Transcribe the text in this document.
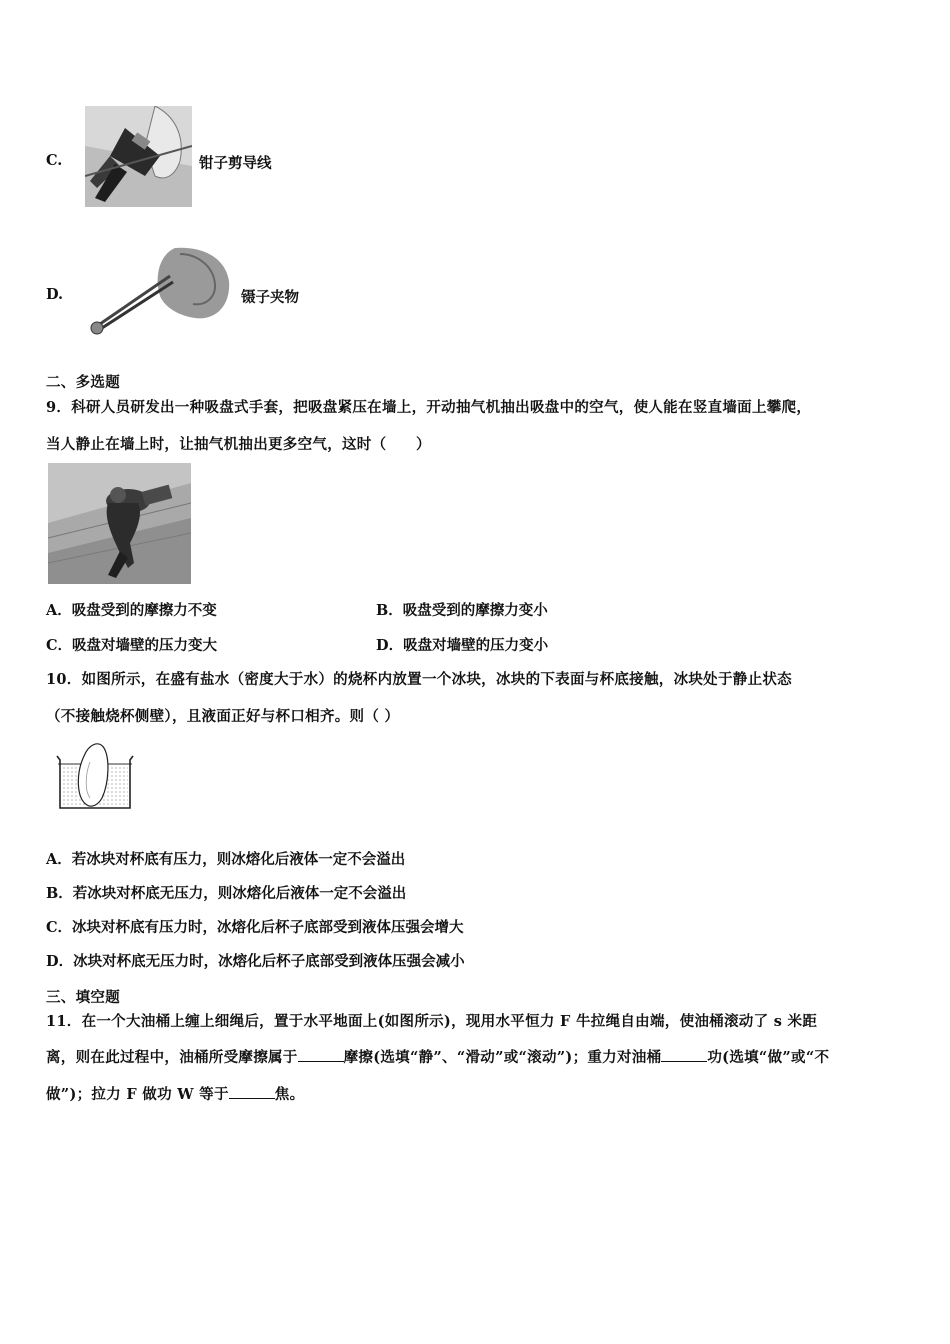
C.	钳子剪导线
D.	镊子夹物
二、多选题
9．科研人员研发出一种吸盘式手套，把吸盘紧压在墙上，开动抽气机抽出吸盘中的空气，使人能在竖直墙面上攀爬，
当人静止在墙上时，让抽气机抽出更多空气，这时（　　）
A．吸盘受到的摩擦力不变	B．吸盘受到的摩擦力变小
C．吸盘对墙壁的压力变大	D．吸盘对墙壁的压力变小
10．如图所示，在盛有盐水（密度大于水）的烧杯内放置一个冰块，冰块的下表面与杯底接触，冰块处于静止状态
（不接触烧杯侧壁），且液面正好与杯口相齐。则（ ）
A．若冰块对杯底有压力，则冰熔化后液体一定不会溢出
B．若冰块对杯底无压力，则冰熔化后液体一定不会溢出
C．冰块对杯底有压力时，冰熔化后杯子底部受到液体压强会增大
D．冰块对杯底无压力时，冰熔化后杯子底部受到液体压强会减小
三、填空题
11．在一个大油桶上缠上细绳后，置于水平地面上(如图所示)，现用水平恒力 F 牛拉绳自由端，使油桶滚动了 s 米距
离，则在此过程中，油桶所受摩擦属于	摩擦(选填“静”、“滑动”或“滚动”)；重力对油桶	功(选填“做”或“不
做”)；拉力 F 做功 W 等于	焦。
